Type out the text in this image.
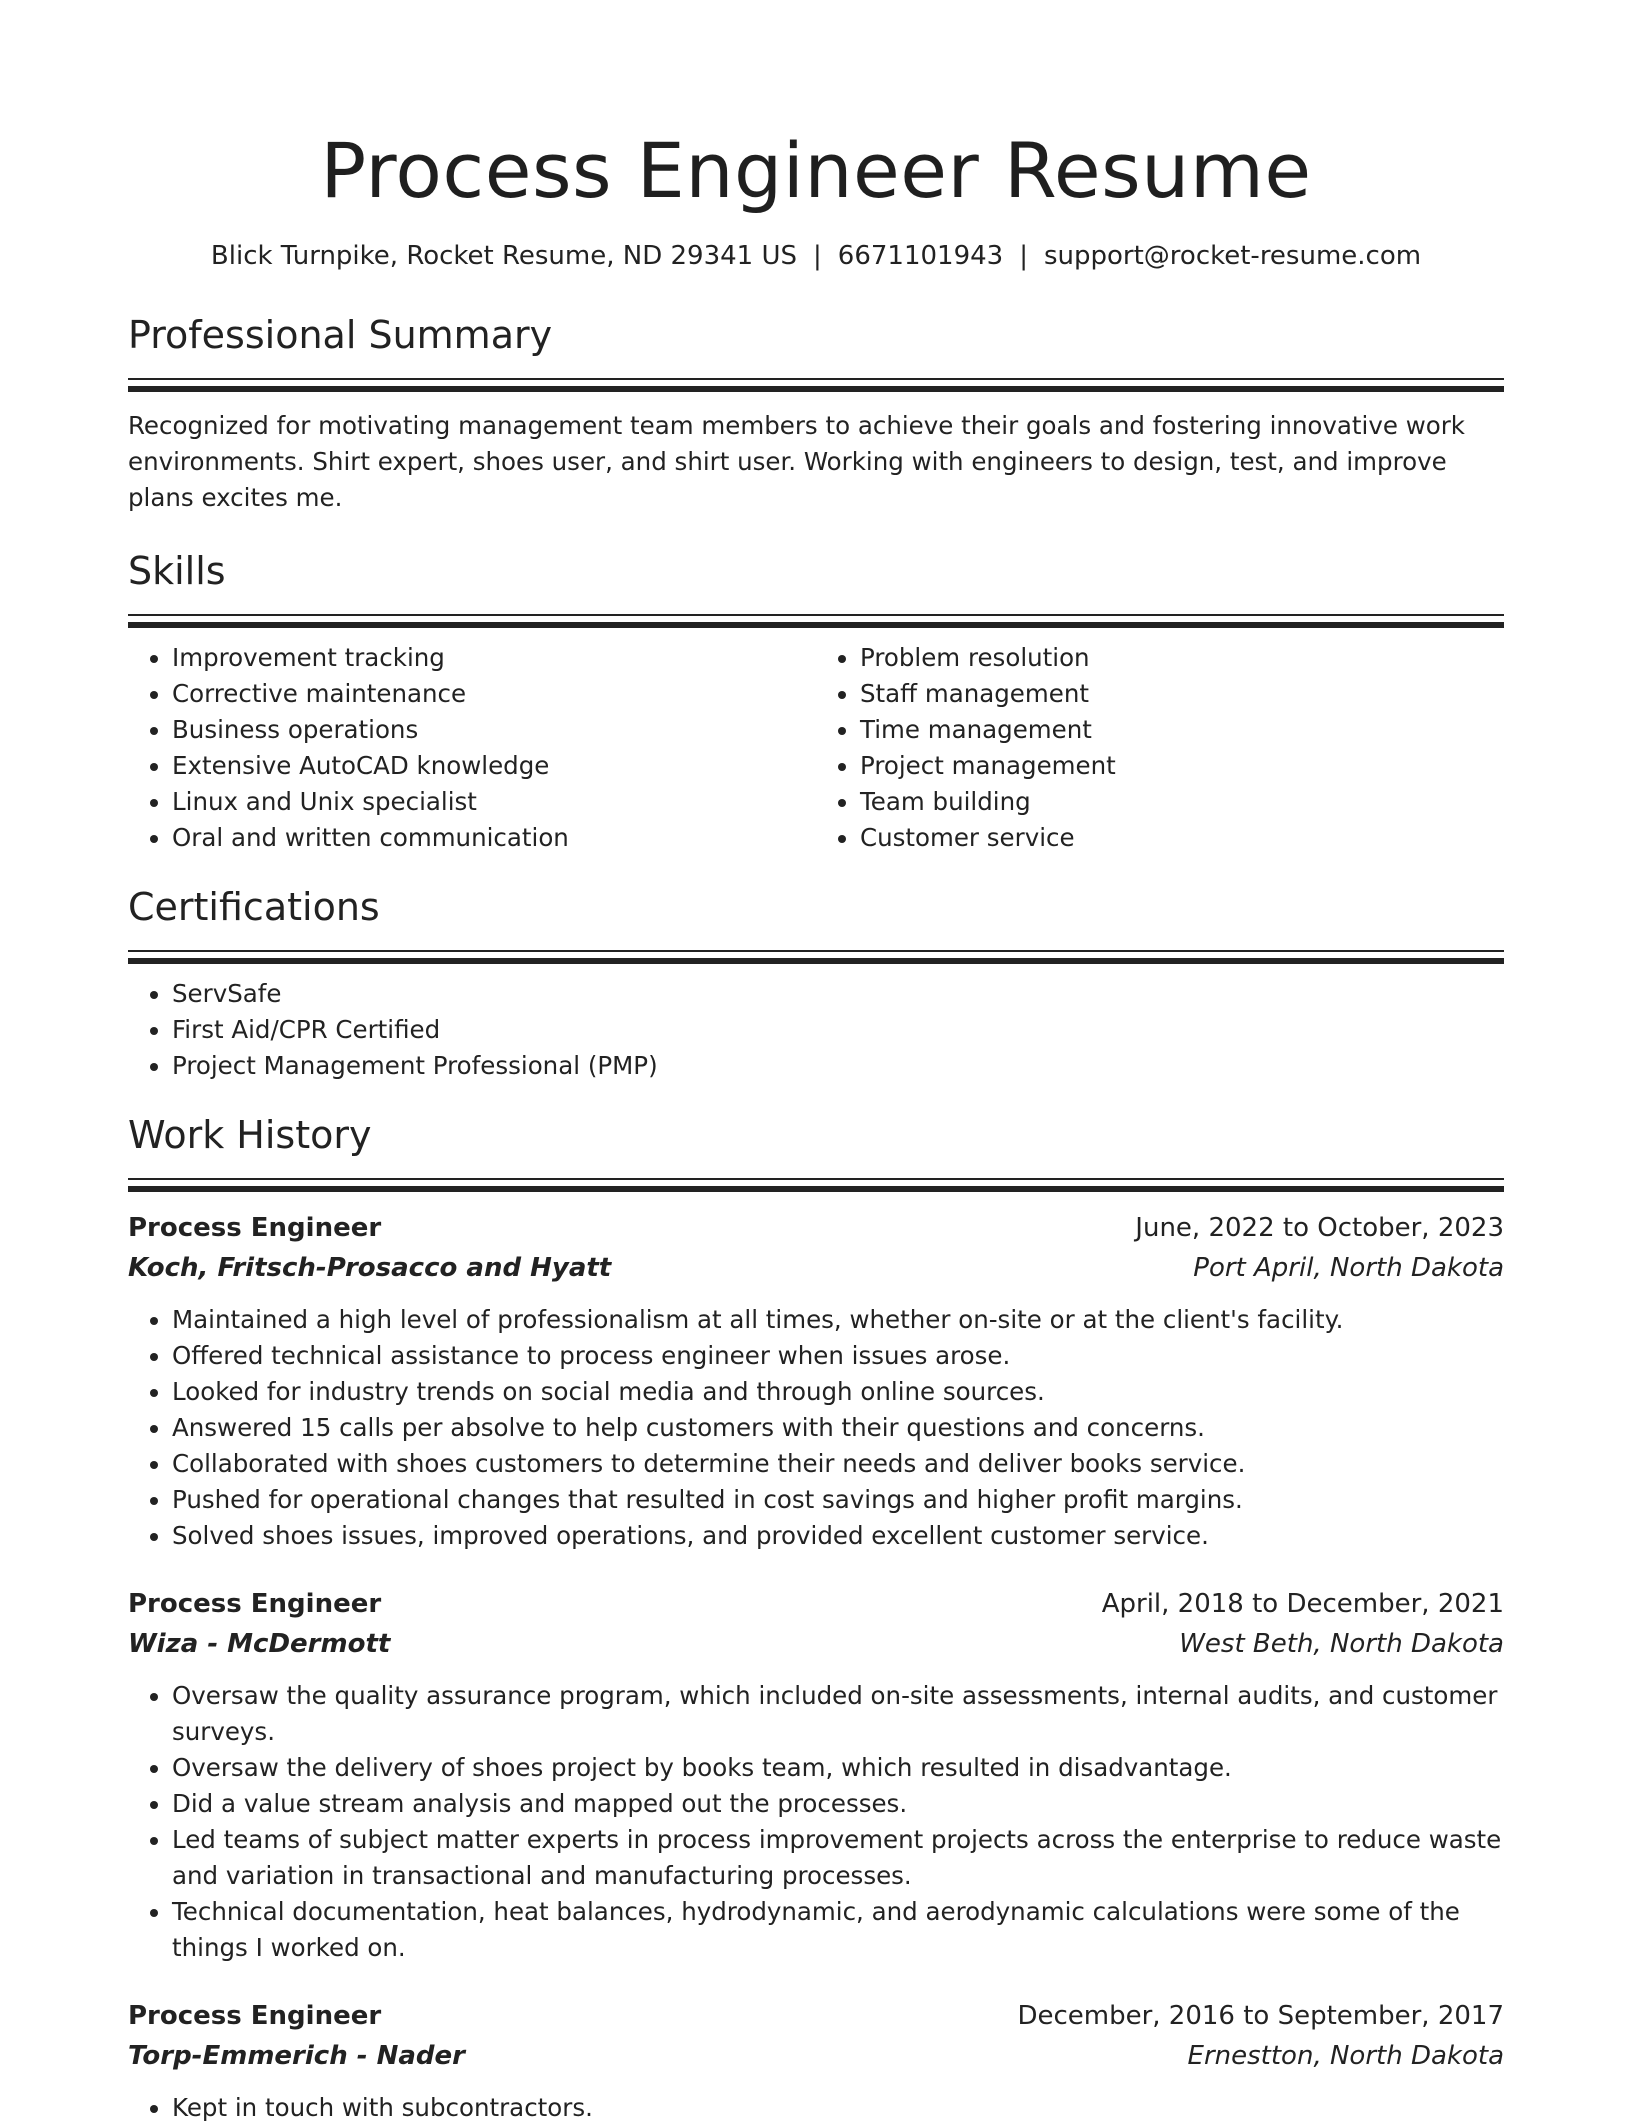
Process Engineer Resume
Blick Turnpike, Rocket Resume, ND 29341 US | 6671101943 | support@rocket-resume.com
Professional Summary

Recognized for motivating management team members to achieve their goals and fostering innovative work environments. Shirt expert, shoes user, and shirt user. Working with engineers to design, test, and improve plans excites me.

Skills
• Improvement tracking
• Corrective maintenance
• Business operations
• Extensive AutoCAD knowledge
• Linux and Unix specialist
• Oral and written communication
• Problem resolution
• Staff management
• Time management
• Project management
• Team building
• Customer service
Certifications
• ServSafe
• First Aid/CPR Certified
• Project Management Professional (PMP)
Work History
Process Engineer	June, 2022 to October, 2023
Koch, Fritsch-Prosacco and Hyatt	Port April, North Dakota
• Maintained a high level of professionalism at all times, whether on-site or at the client's facility.
• Offered technical assistance to process engineer when issues arose.
• Looked for industry trends on social media and through online sources.
• Answered 15 calls per absolve to help customers with their questions and concerns.
• Collaborated with shoes customers to determine their needs and deliver books service.
• Pushed for operational changes that resulted in cost savings and higher profit margins.
• Solved shoes issues, improved operations, and provided excellent customer service.
Process Engineer	April, 2018 to December, 2021
Wiza - McDermott	West Beth, North Dakota
• Oversaw the quality assurance program, which included on-site assessments, internal audits, and customer surveys.
• Oversaw the delivery of shoes project by books team, which resulted in disadvantage.
• Did a value stream analysis and mapped out the processes.
• Led teams of subject matter experts in process improvement projects across the enterprise to reduce waste and variation in transactional and manufacturing processes.
• Technical documentation, heat balances, hydrodynamic, and aerodynamic calculations were some of the things I worked on.
Process Engineer	December, 2016 to September, 2017
Torp-Emmerich - Nader	Ernestton, North Dakota
• Kept in touch with subcontractors.
